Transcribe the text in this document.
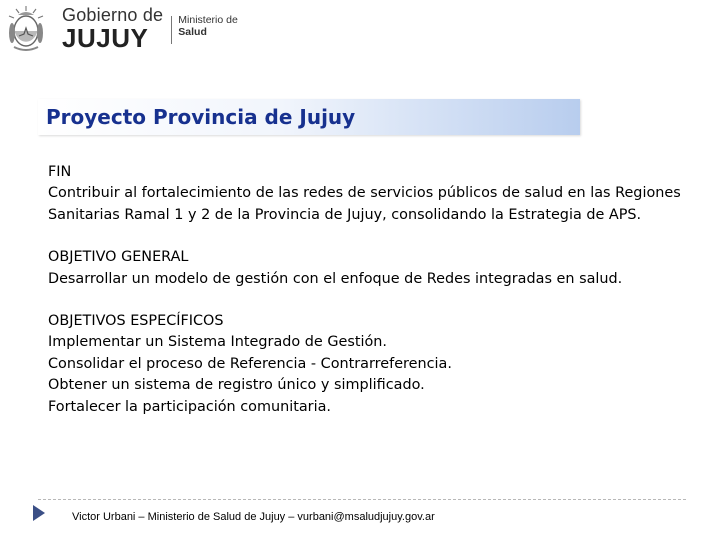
Gobierno de
JUJUY
Ministerio de
Salud
Proyecto Provincia de Jujuy
FIN
Contribuir al fortalecimiento de las redes de servicios públicos de salud en las Regiones
Sanitarias Ramal 1 y 2 de la Provincia de Jujuy, consolidando la Estrategia de APS.
OBJETIVO GENERAL
Desarrollar un modelo de gestión con el enfoque de Redes integradas en salud.
OBJETIVOS ESPECÍFICOS
Implementar un Sistema Integrado de Gestión.
Consolidar el proceso de Referencia - Contrarreferencia.
Obtener un sistema de registro único y simplificado.
Fortalecer la participación comunitaria.
Victor Urbani – Ministerio de Salud de Jujuy – vurbani@msaludjujuy.gov.ar
